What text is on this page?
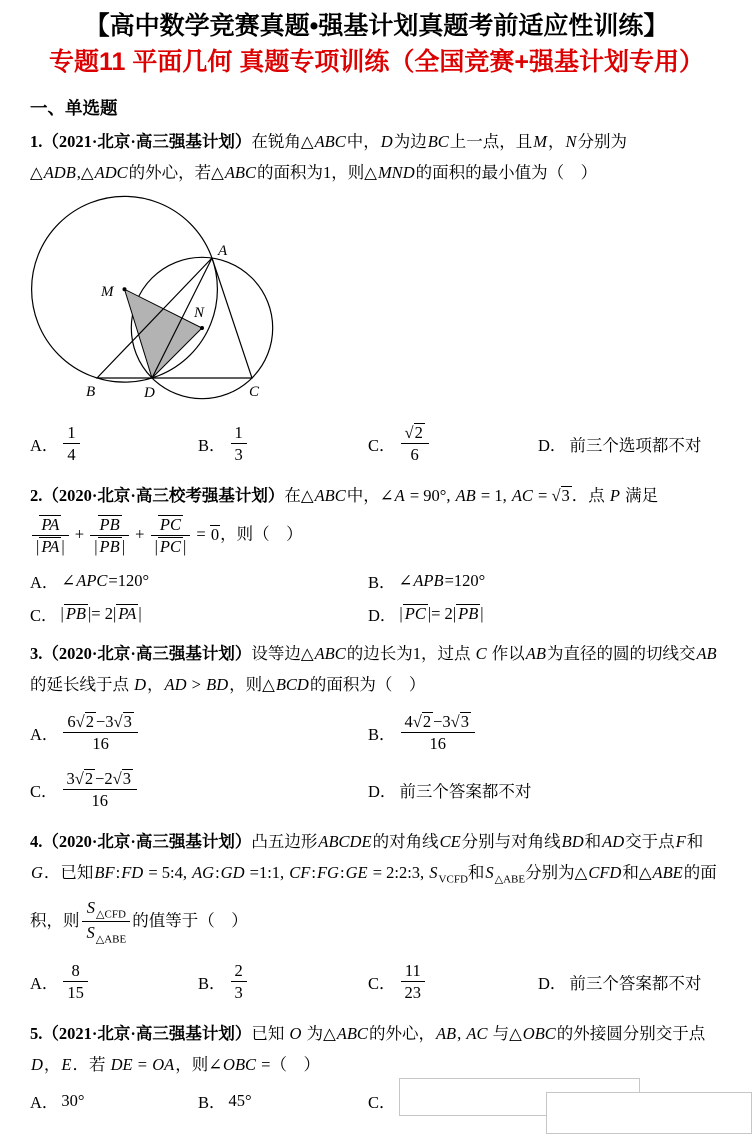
【高中数学竞赛真题•强基计划真题考前适应性训练】
专题11 平面几何 真题专项训练（全国竞赛+强基计划专用）
一、单选题
1.（2021·北京·高三强基计划）在锐角△ABC中，D为边BC上一点，且M，N分别为△ADB,△ADC的外心，若△ABC的面积为1，则△MND的面积的最小值为（　）
A
M
N
B	D	C
A． $\frac{1}{4}$	B． $\frac{1}{3}$	C． $\frac{√2}{6}$	D． 前三个选项都不对
2.（2020·北京·高三校考强基计划）在△ABC中，∠A = 90°, AB = 1, AC = √3 ．点 P 满足
$\frac{PA}{| PA |} + \frac{PB}{| PB |} + \frac{PC}{| PC |} = 0$，则（　）
A． ∠APC=120°	B． ∠APB=120°
C． | PB |= 2| PA |	D． | PC |= 2| PB |
3.（2020·北京·高三强基计划）设等边△ABC的边长为1，过点 C 作以AB为直径的圆的切线交AB的延长线于点 D，AD > BD，则△BCD的面积为（　）
A． $\frac{6√2 -3√3}{16}$	B． $\frac{4√2 -3√3}{16}$
C． $\frac{3√2 -2√3}{16}$	D． 前三个答案都不对
4.（2020·北京·高三强基计划）凸五边形ABCDE的对角线CE分别与对角线BD和AD交于点F和G．已知BF:FD = 5:4, AG:GD =1:1, CF:FG:GE = 2:2:3, $S_{VCFD}$和$S_{\triangle ABE}$分别为△CFD和△ABE的面积，则 $\frac{S_{\triangle CFD}}{S_{\triangle ABE}}$ 的值等于（　）
A． $\frac{8}{15}$	B． $\frac{2}{3}$	C． $\frac{11}{23}$	D． 前三个答案都不对
5.（2021·北京·高三强基计划）已知 O 为△ABC的外心，AB, AC 与△OBC的外接圆分别交于点 D，E．若 DE = OA，则∠OBC =（　）
A． 30°	B． 45°	C．
